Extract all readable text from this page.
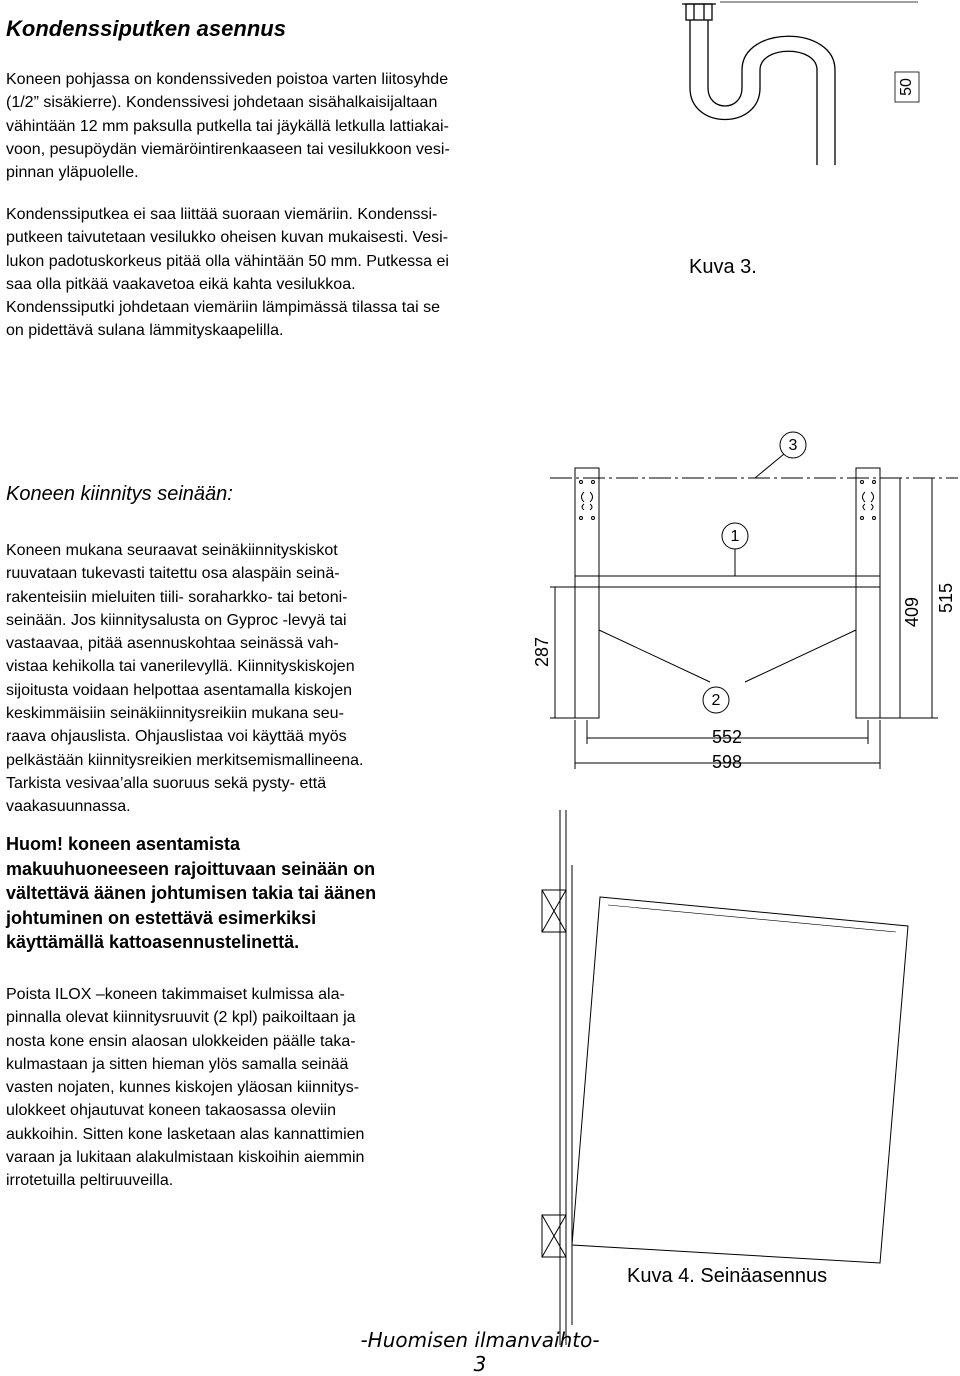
Kondenssiputken asennus

Koneen pohjassa on kondenssiveden poistoa varten liitosyhde

(1/2” sisäkierre). Kondenssivesi johdetaan sisähalkaisijaltaan

vähintään 12 mm paksulla putkella tai jäykällä letkulla lattiakai-

voon, pesupöydän viemäröintirenkaaseen tai vesilukkoon vesi-

pinnan yläpuolelle.

Kondenssiputkea ei saa liittää suoraan viemäriin. Kondenssi-

putkeen taivutetaan vesilukko oheisen kuvan mukaisesti. Vesi-

lukon padotuskorkeus pitää olla vähintään 50 mm. Putkessa ei

saa olla pitkää vaakavetoa eikä kahta vesilukkoa.

Kondenssiputki johdetaan viemäriin lämpimässä tilassa tai se

on pidettävä sulana lämmityskaapelilla.

50
Kuva 3.
Koneen kiinnitys seinään:

Koneen mukana seuraavat seinäkiinnityskiskot

ruuvataan tukevasti taitettu osa alaspäin seinä-

rakenteisiin mieluiten tiili- soraharkko- tai betoni-

seinään. Jos kiinnitysalusta on Gyproc -levyä tai

vastaavaa, pitää asennuskohtaa seinässä vah-

vistaa kehikolla tai vanerilevyllä. Kiinnityskiskojen

sijoitusta voidaan helpottaa asentamalla kiskojen

keskimmäisiin seinäkiinnitysreikiin mukana seu-

raava ohjauslista. Ohjauslistaa voi käyttää myös

pelkästään kiinnitysreikien merkitsemismallineena.

Tarkista vesivaa’alla suoruus sekä pysty- että

vaakasuunnassa.

Huom! koneen asentamista

makuuhuoneeseen rajoittuvaan seinään on

vältettävä äänen johtumisen takia tai äänen

johtuminen on estettävä esimerkiksi

käyttämällä kattoasennustelinettä.

Poista ILOX –koneen takimmaiset kulmissa ala-

pinnalla olevat kiinnitysruuvit (2 kpl) paikoiltaan ja

nosta kone ensin alaosan ulokkeiden päälle taka-

kulmastaan ja sitten hieman ylös samalla seinää

vasten nojaten, kunnes kiskojen yläosan kiinnitys-

ulokkeet ohjautuvat koneen takaosassa oleviin

aukkoihin. Sitten kone lasketaan alas kannattimien

varaan ja lukitaan alakulmistaan kiskoihin aiemmin

irrotetuilla peltiruuveilla.

3
1
2
287
409 515
552
598
Kuva 4. Seinäasennus
-Huomisen ilmanvaihto-
3
